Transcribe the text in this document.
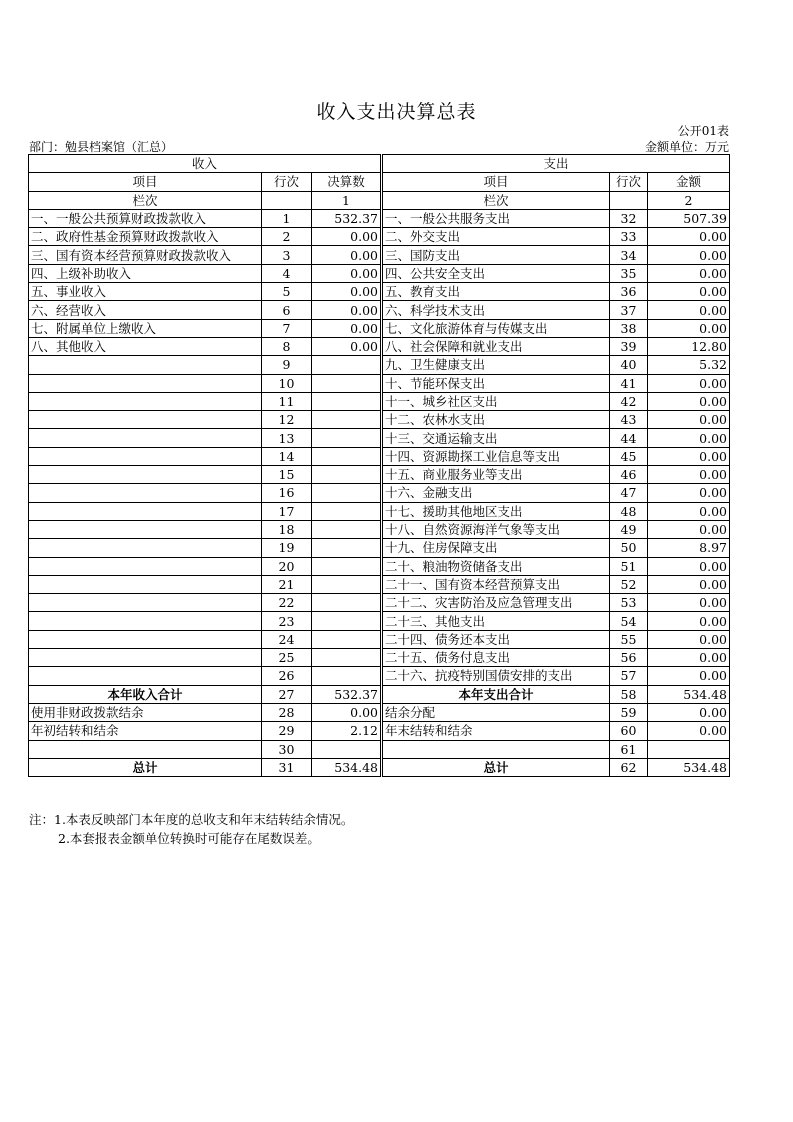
收入支出决算总表
公开01表
部门：勉县档案馆（汇总）	金额单位：万元
收入			支出		
项目	行次	决算数	项目	行次	金额
栏次		1	栏次		2
一、一般公共预算财政拨款收入	1	532.37	一、一般公共服务支出	32	507.39
二、政府性基金预算财政拨款收入	2	0.00	二、外交支出	33	0.00
三、国有资本经营预算财政拨款收入	3	0.00	三、国防支出	34	0.00
四、上级补助收入	4	0.00	四、公共安全支出	35	0.00
五、事业收入	5	0.00	五、教育支出	36	0.00
六、经营收入	6	0.00	六、科学技术支出	37	0.00
七、附属单位上缴收入	7	0.00	七、文化旅游体育与传媒支出	38	0.00
八、其他收入	8	0.00	八、社会保障和就业支出	39	12.80
	9		九、卫生健康支出	40	5.32
	10		十、节能环保支出	41	0.00
	11		十一、城乡社区支出	42	0.00
	12		十二、农林水支出	43	0.00
	13		十三、交通运输支出	44	0.00
	14		十四、资源勘探工业信息等支出	45	0.00
	15		十五、商业服务业等支出	46	0.00
	16		十六、金融支出	47	0.00
	17		十七、援助其他地区支出	48	0.00
	18		十八、自然资源海洋气象等支出	49	0.00
	19		十九、住房保障支出	50	8.97
	20		二十、粮油物资储备支出	51	0.00
	21		二十一、国有资本经营预算支出	52	0.00
	22		二十二、灾害防治及应急管理支出	53	0.00
	23		二十三、其他支出	54	0.00
	24		二十四、债务还本支出	55	0.00
	25		二十五、债务付息支出	56	0.00
	26		二十六、抗疫特别国债安排的支出	57	0.00
本年收入合计	27	532.37	本年支出合计	58	534.48
使用非财政拨款结余	28	0.00	结余分配	59	0.00
年初结转和结余	29	2.12	年末结转和结余	60	0.00
	30			61	
总计	31	534.48	总计	62	534.48
注：1.本表反映部门本年度的总收支和年末结转结余情况。
2.本套报表金额单位转换时可能存在尾数误差。
